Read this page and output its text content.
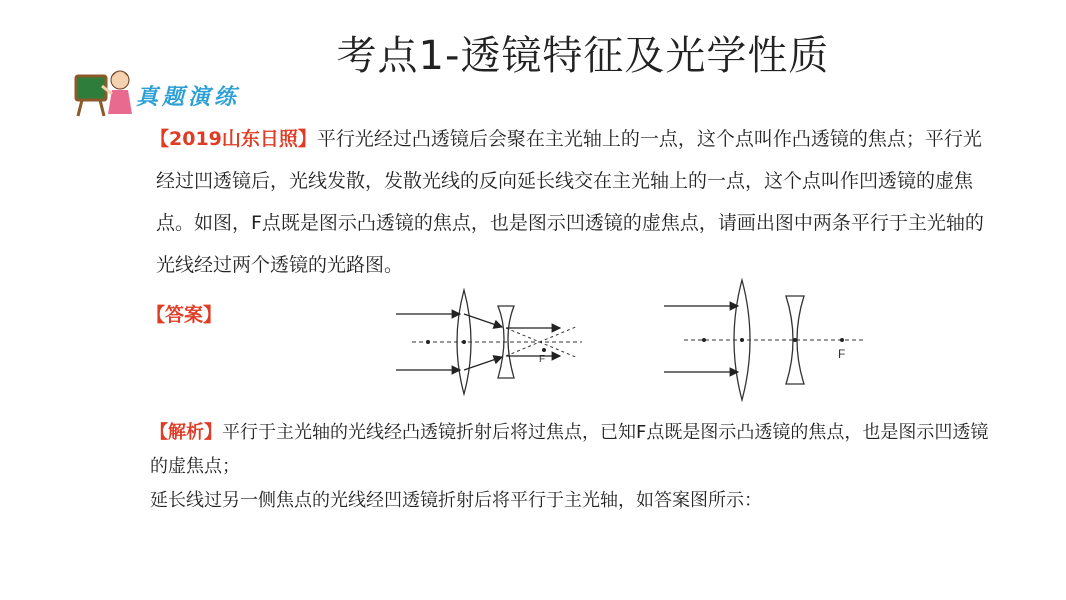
考点1-透镜特征及光学性质
真题演练
【2019山东日照】平行光经过凸透镜后会聚在主光轴上的一点，这个点叫作凸透镜的焦点；平行光经过凹透镜后，光线发散，发散光线的反向延长线交在主光轴上的一点，这个点叫作凹透镜的虚焦点。如图，F点既是图示凸透镜的焦点，也是图示凹透镜的虚焦点，请画出图中两条平行于主光轴的光线经过两个透镜的光路图。
【答案】
F	F
【解析】平行于主光轴的光线经凸透镜折射后将过焦点，已知F点既是图示凸透镜的焦点，也是图示凹透镜的虚焦点；
延长线过另一侧焦点的光线经凹透镜折射后将平行于主光轴，如答案图所示：
